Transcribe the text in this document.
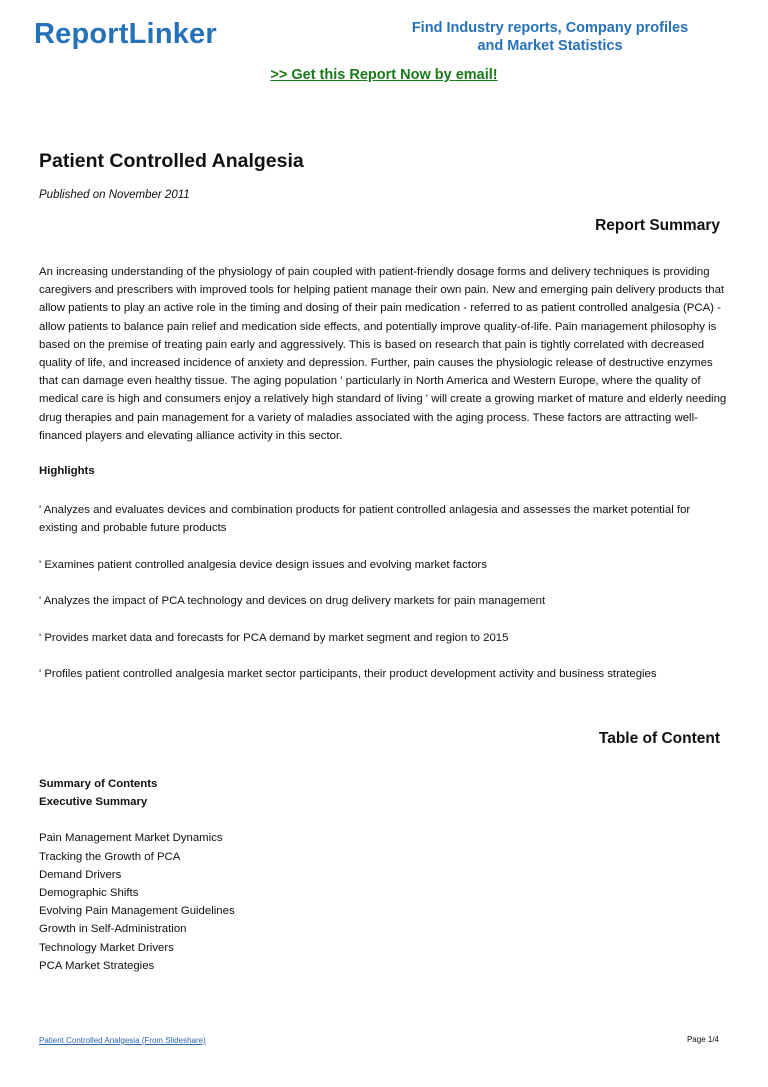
ReportLinker	Find Industry reports, Company profiles
and Market Statistics
>> Get this Report Now by email!
Patient Controlled Analgesia
Published on November 2011
Report Summary

An increasing understanding of the physiology of pain coupled with patient-friendly dosage forms and delivery techniques is providing caregivers and prescribers with improved tools for helping patient manage their own pain. New and emerging pain delivery products that allow patients to play an active role in the timing and dosing of their pain medication - referred to as patient controlled analgesia (PCA) - allow patients to balance pain relief and medication side effects, and potentially improve quality-of-life. Pain management philosophy is based on the premise of treating pain early and aggressively. This is based on research that pain is tightly correlated with decreased quality of life, and increased incidence of anxiety and depression. Further, pain causes the physiologic release of destructive enzymes that can damage even healthy tissue. The aging population ' particularly in North America and Western Europe, where the quality of medical care is high and consumers enjoy a relatively high standard of living ' will create a growing market of mature and elderly needing drug therapies and pain management for a variety of maladies associated with the aging process. These factors are attracting well-financed players and elevating alliance activity in this sector.

Highlights

' Analyzes and evaluates devices and combination products for patient controlled anlagesia and assesses the market potential for existing and probable future products

' Examines patient controlled analgesia device design issues and evolving market factors

' Analyzes the impact of PCA technology and devices on drug delivery markets for pain management

' Provides market data and forecasts for PCA demand by market segment and region to 2015

' Profiles patient controlled analgesia market sector participants, their product development activity and business strategies

Table of Content
Summary of Contents
Executive Summary
Pain Management Market Dynamics
Tracking the Growth of PCA
Demand Drivers
Demographic Shifts
Evolving Pain Management Guidelines
Growth in Self-Administration
Technology Market Drivers
PCA Market Strategies
Patient Controlled Analgesia (From Slideshare)	Page 1/4
